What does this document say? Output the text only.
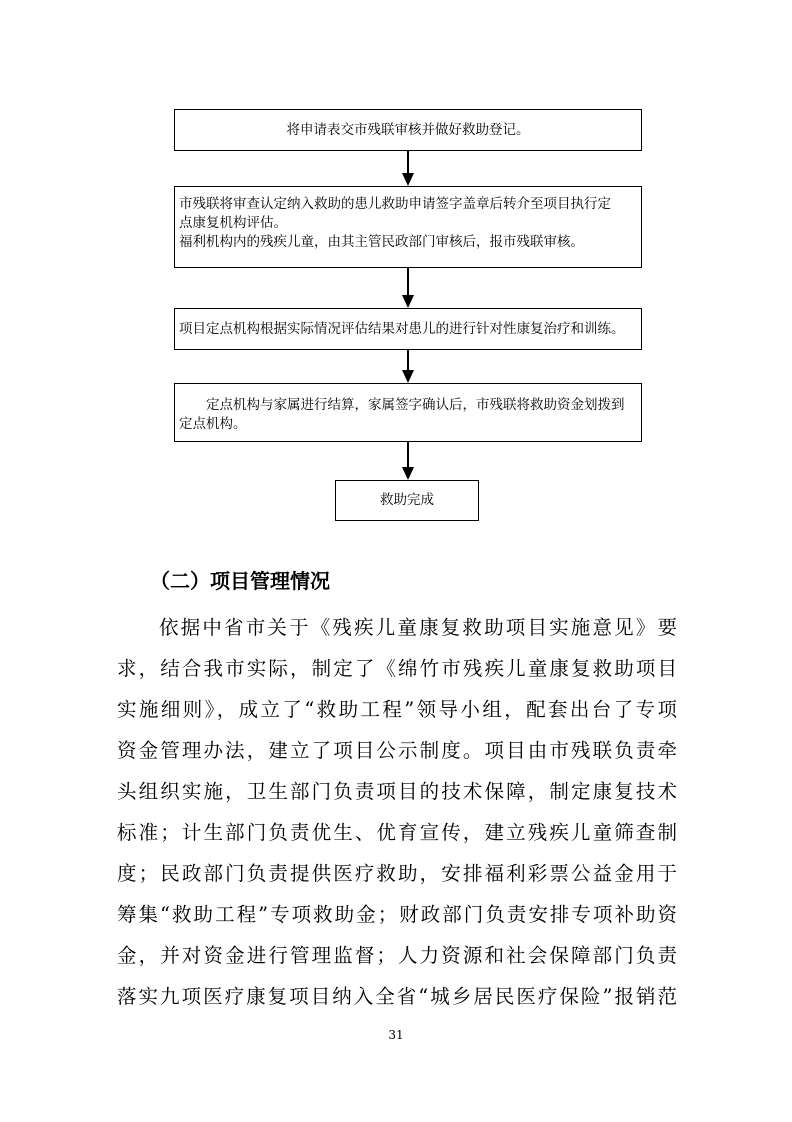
将申请表交市残联审核并做好救助登记。
市残联将审查认定纳入救助的患儿救助申请签字盖章后转介至项目执行定
点康复机构评估。
福利机构内的残疾儿童，由其主管民政部门审核后，报市残联审核。
项目定点机构根据实际情况评估结果对患儿的进行针对性康复治疗和训练。
定点机构与家属进行结算，家属签字确认后，市残联将救助资金划拨到
定点机构。
救助完成
（二）项目管理情况
依据中省市关于《残疾儿童康复救助项目实施意见》要
求，结合我市实际，制定了《绵竹市残疾儿童康复救助项目
实施细则》，成立了“救助工程”领导小组，配套出台了专项
资金管理办法，建立了项目公示制度。项目由市残联负责牵
头组织实施，卫生部门负责项目的技术保障，制定康复技术
标准；计生部门负责优生、优育宣传，建立残疾儿童筛查制
度；民政部门负责提供医疗救助，安排福利彩票公益金用于
筹集“救助工程”专项救助金；财政部门负责安排专项补助资
金，并对资金进行管理监督；人力资源和社会保障部门负责
落实九项医疗康复项目纳入全省“城乡居民医疗保险”报销范
31
